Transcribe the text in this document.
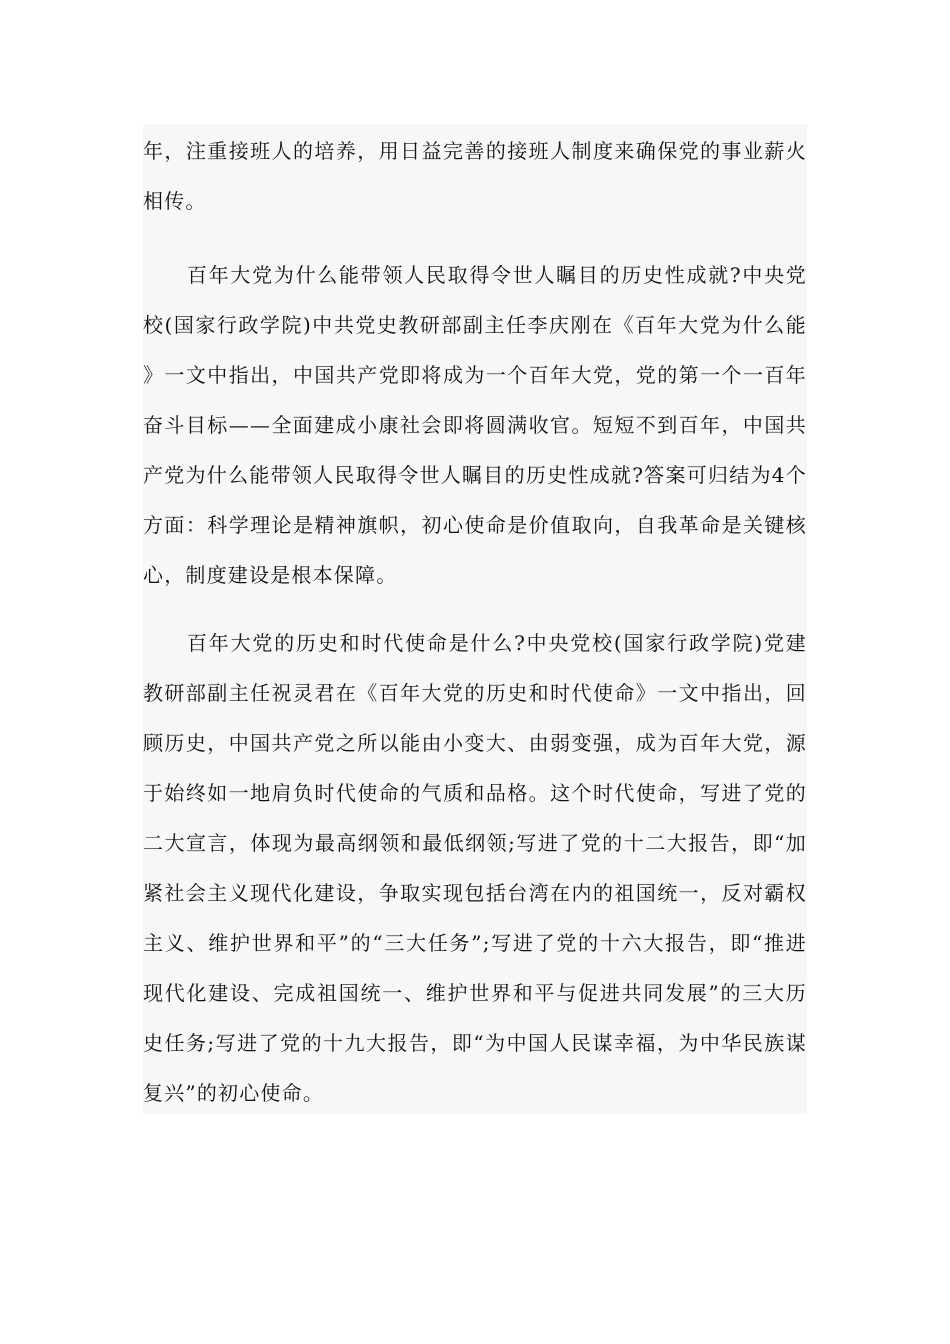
年，注重接班人的培养，用日益完善的接班人制度来确保党的事业薪火相传。

百年大党为什么能带领人民取得令世人瞩目的历史性成就?中央党校(国家行政学院)中共党史教研部副主任李庆刚在《百年大党为什么能》一文中指出，中国共产党即将成为一个百年大党，党的第一个一百年奋斗目标——全面建成小康社会即将圆满收官。短短不到百年，中国共产党为什么能带领人民取得令世人瞩目的历史性成就?答案可归结为4个方面：科学理论是精神旗帜，初心使命是价值取向，自我革命是关键核心，制度建设是根本保障。

百年大党的历史和时代使命是什么?中央党校(国家行政学院)党建教研部副主任祝灵君在《百年大党的历史和时代使命》一文中指出，回顾历史，中国共产党之所以能由小变大、由弱变强，成为百年大党，源于始终如一地肩负时代使命的气质和品格。这个时代使命，写进了党的二大宣言，体现为最高纲领和最低纲领;写进了党的十二大报告，即“加紧社会主义现代化建设，争取实现包括台湾在内的祖国统一，反对霸权主义、维护世界和平”的“三大任务”;写进了党的十六大报告，即“推进现代化建设、完成祖国统一、维护世界和平与促进共同发展”的三大历史任务;写进了党的十九大报告，即“为中国人民谋幸福，为中华民族谋复兴”的初心使命。
